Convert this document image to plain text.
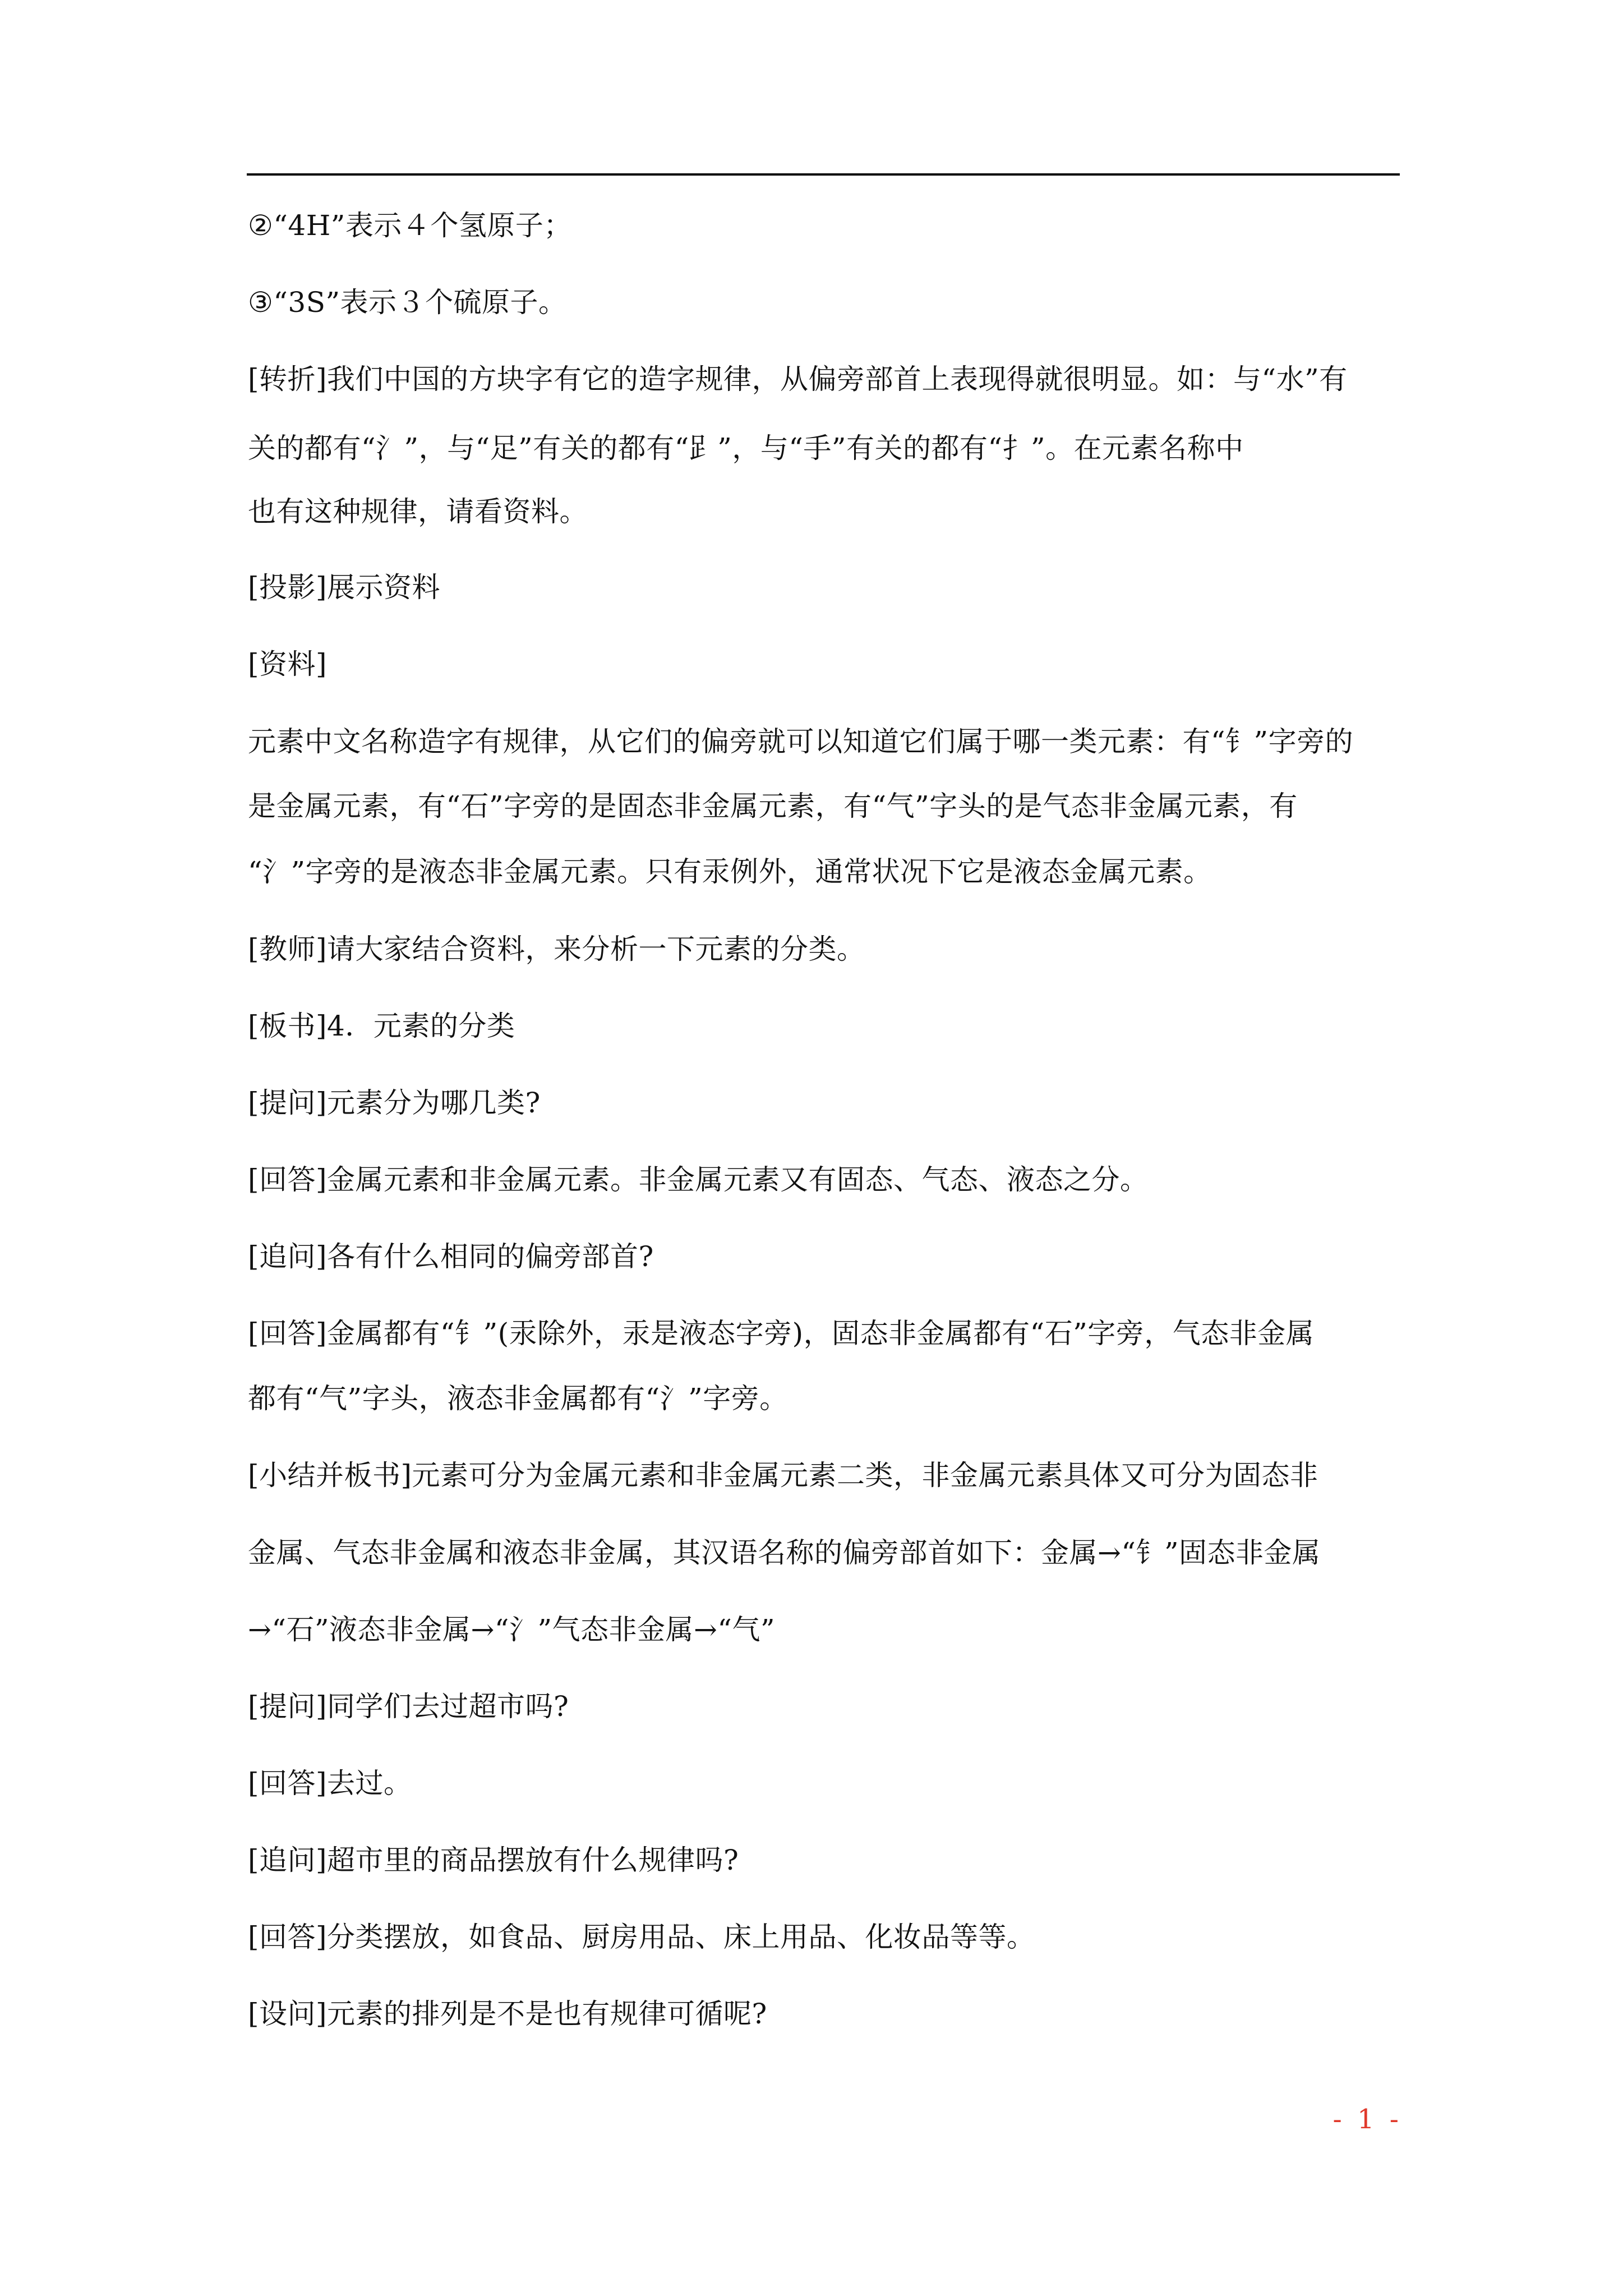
②“4H”表示４个氢原子；
③“3S”表示３个硫原子。
[转折]我们中国的方块字有它的造字规律，从偏旁部首上表现得就很明显。如：与“水”有
关的都有“氵”，与“足”有关的都有“𧾷”，与“手”有关的都有“扌”。在元素名称中
也有这种规律，请看资料。
[投影]展示资料
[资料]
元素中文名称造字有规律，从它们的偏旁就可以知道它们属于哪一类元素：有“钅”字旁的
是金属元素，有“石”字旁的是固态非金属元素，有“气”字头的是气态非金属元素，有
“氵”字旁的是液态非金属元素。只有汞例外，通常状况下它是液态金属元素。
[教师]请大家结合资料，来分析一下元素的分类。
[板书]4．元素的分类
[提问]元素分为哪几类?
[回答]金属元素和非金属元素。非金属元素又有固态、气态、液态之分。
[追问]各有什么相同的偏旁部首?
[回答]金属都有“钅”(汞除外，汞是液态字旁)，固态非金属都有“石”字旁，气态非金属
都有“气”字头，液态非金属都有“氵”字旁。
[小结并板书]元素可分为金属元素和非金属元素二类，非金属元素具体又可分为固态非
金属、气态非金属和液态非金属，其汉语名称的偏旁部首如下：金属→“钅”固态非金属
→“石”液态非金属→“氵”气态非金属→“气”
[提问]同学们去过超市吗?
[回答]去过。
[追问]超市里的商品摆放有什么规律吗?
[回答]分类摆放，如食品、厨房用品、床上用品、化妆品等等。
[设问]元素的排列是不是也有规律可循呢?
- 1 -
